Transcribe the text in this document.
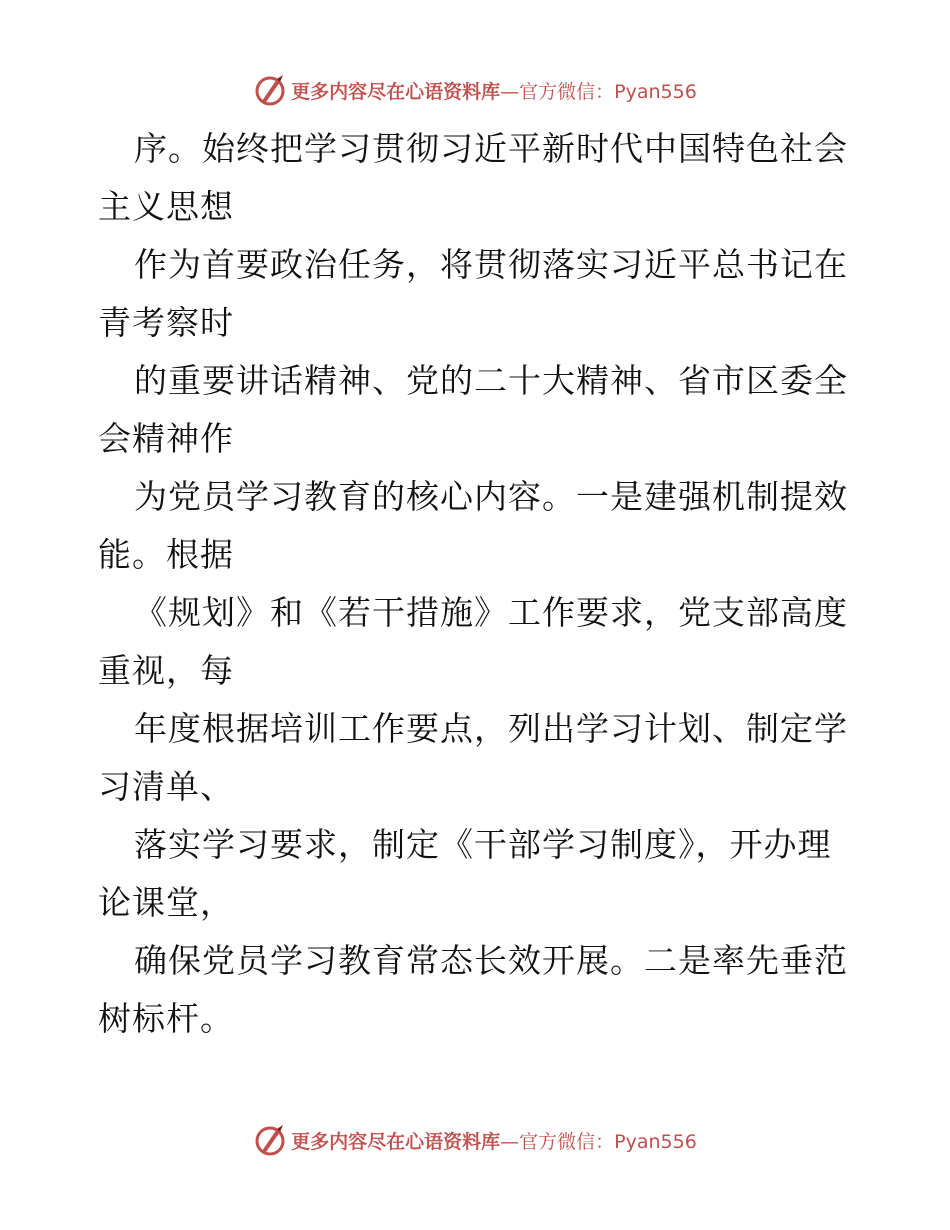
更多内容尽在心语资料库—官方微信：Pyan556

序。始终把学习贯彻习近平新时代中国特色社会主义思想

作为首要政治任务，将贯彻落实习近平总书记在青考察时

的重要讲话精神、党的二十大精神、省市区委全会精神作

为党员学习教育的核心内容。一是建强机制提效能。根据

《规划》和《若干措施》工作要求，党支部高度重视，每

年度根据培训工作要点，列出学习计划、制定学习清单、

落实学习要求，制定《干部学习制度》，开办理论课堂，

确保党员学习教育常态长效开展。二是率先垂范树标杆。

更多内容尽在心语资料库—官方微信：Pyan556
